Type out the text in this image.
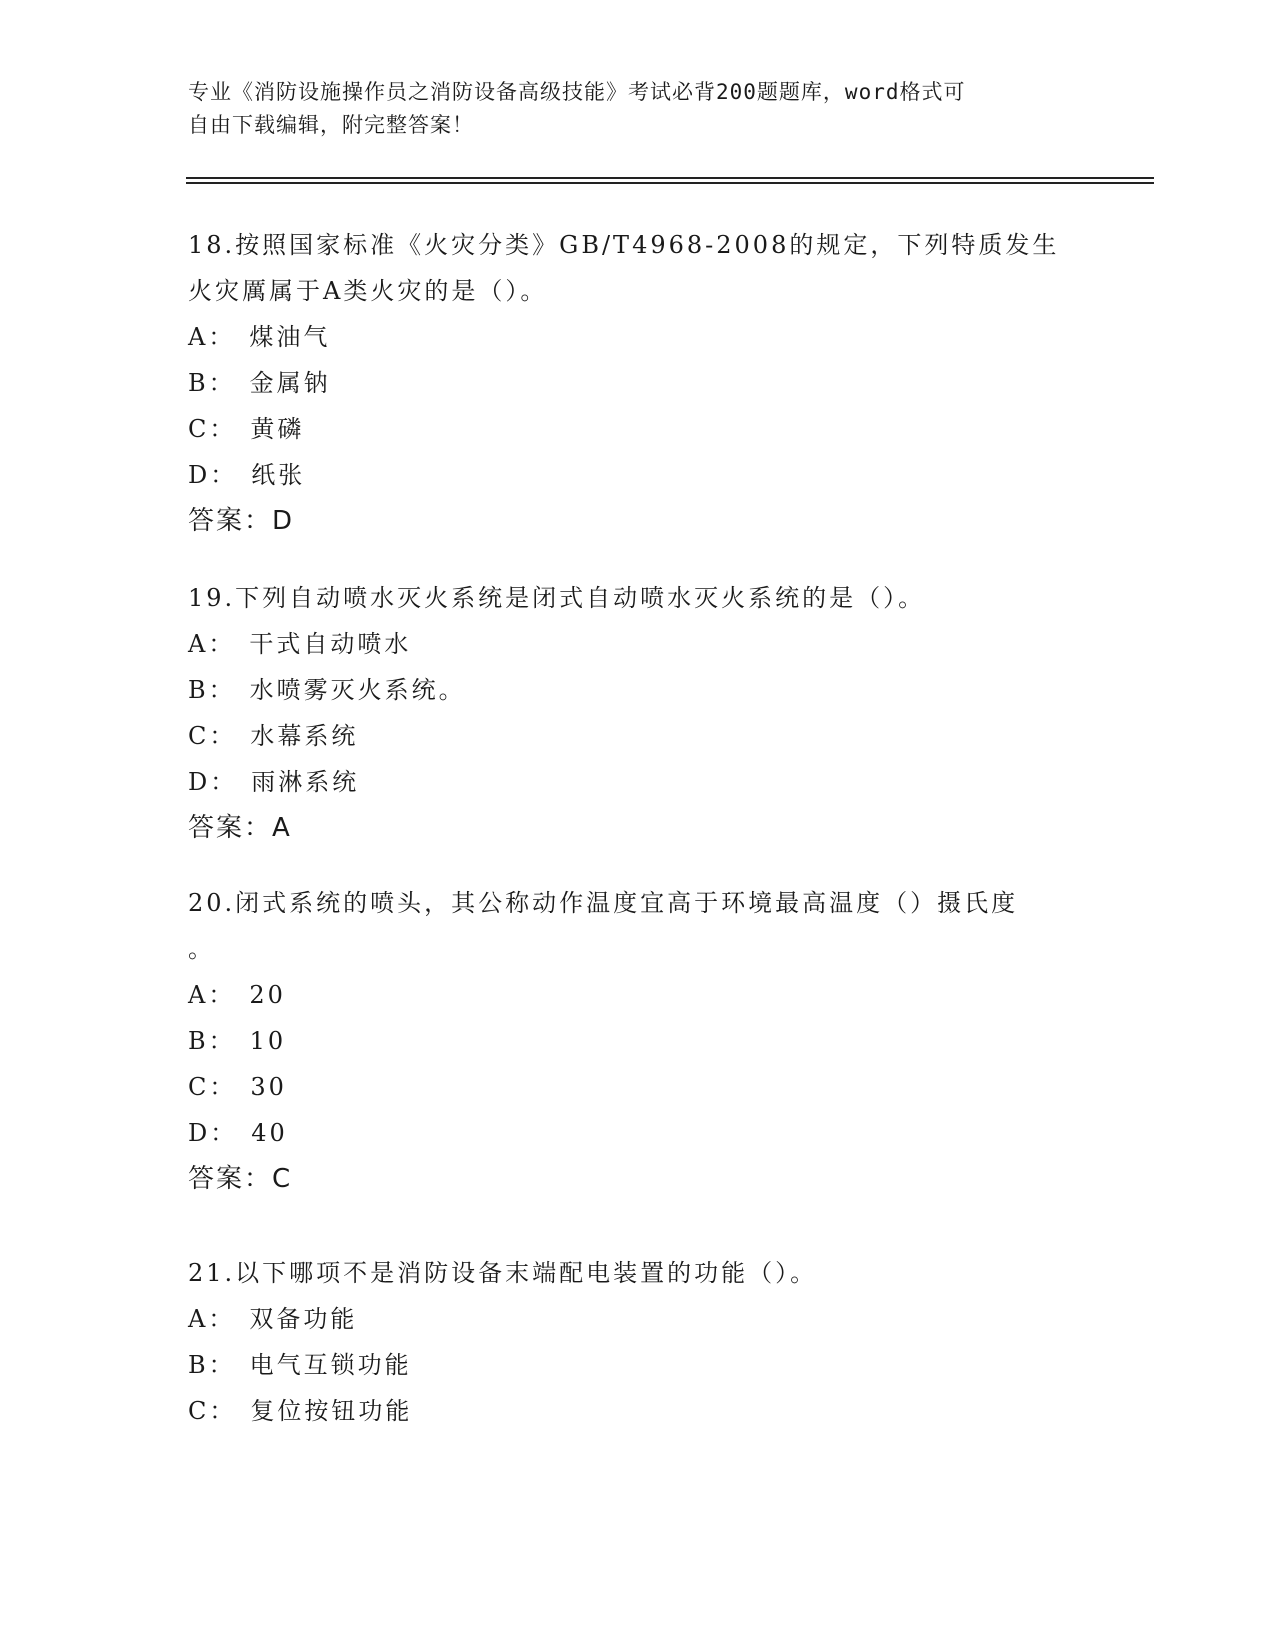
专业《消防设施操作员之消防设备高级技能》考试必背200题题库，word格式可
自由下载编辑，附完整答案！
18.按照国家标准《火灾分类》GB/T4968-2008的规定，下列特质发生
火灾厲属于A类火灾的是（）。
A： 煤油气
B： 金属钠
C： 黄磷
D： 纸张
答案：D
19.下列自动喷水灭火系统是闭式自动喷水灭火系统的是（）。
A： 干式自动喷水
B： 水喷雾灭火系统。
C： 水幕系统
D： 雨淋系统
答案：A
20.闭式系统的喷头，其公称动作温度宜高于环境最高温度（）摄氏度
。
A： 20
B： 10
C： 30
D： 40
答案：C
21.以下哪项不是消防设备末端配电装置的功能（）。
A： 双备功能
B： 电气互锁功能
C： 复位按钮功能
